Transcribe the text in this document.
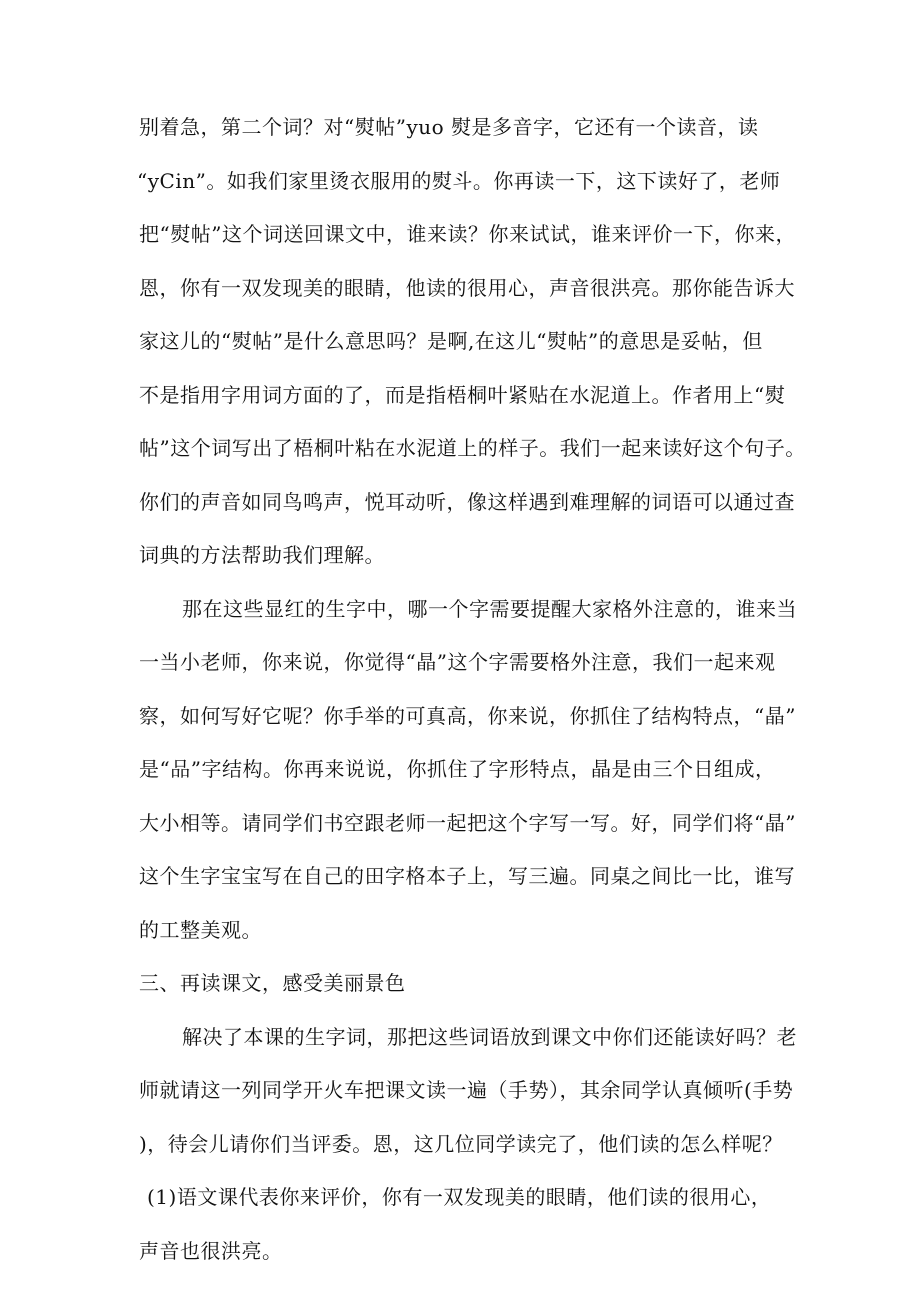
别着急，第二个词？对“熨帖”yuo 熨是多音字，它还有一个读音，读
“yCin”。如我们家里烫衣服用的熨斗。你再读一下，这下读好了，老师
把“熨帖”这个词送回课文中，谁来读？你来试试，谁来评价一下，你来，
恩，你有一双发现美的眼睛，他读的很用心，声音很洪亮。那你能告诉大
家这儿的“熨帖”是什么意思吗？是啊,在这儿“熨帖”的意思是妥帖，但
不是指用字用词方面的了，而是指梧桐叶紧贴在水泥道上。作者用上“熨
帖”这个词写出了梧桐叶粘在水泥道上的样子。我们一起来读好这个句子。
你们的声音如同鸟鸣声，悦耳动听，像这样遇到难理解的词语可以通过查
词典的方法帮助我们理解。
那在这些显红的生字中，哪一个字需要提醒大家格外注意的，谁来当
一当小老师，你来说，你觉得“晶”这个字需要格外注意，我们一起来观
察，如何写好它呢？你手举的可真高，你来说，你抓住了结构特点，“晶”
是“品”字结构。你再来说说，你抓住了字形特点，晶是由三个日组成，
大小相等。请同学们书空跟老师一起把这个字写一写。好，同学们将“晶”
这个生字宝宝写在自己的田字格本子上，写三遍。同桌之间比一比，谁写
的工整美观。
三、再读课文，感受美丽景色
解决了本课的生字词，那把这些词语放到课文中你们还能读好吗？老
师就请这一列同学开火车把课文读一遍（手势），其余同学认真倾听(手势
)，待会儿请你们当评委。恩，这几位同学读完了，他们读的怎么样呢？
(1)语文课代表你来评价，你有一双发现美的眼睛，他们读的很用心，
声音也很洪亮。
